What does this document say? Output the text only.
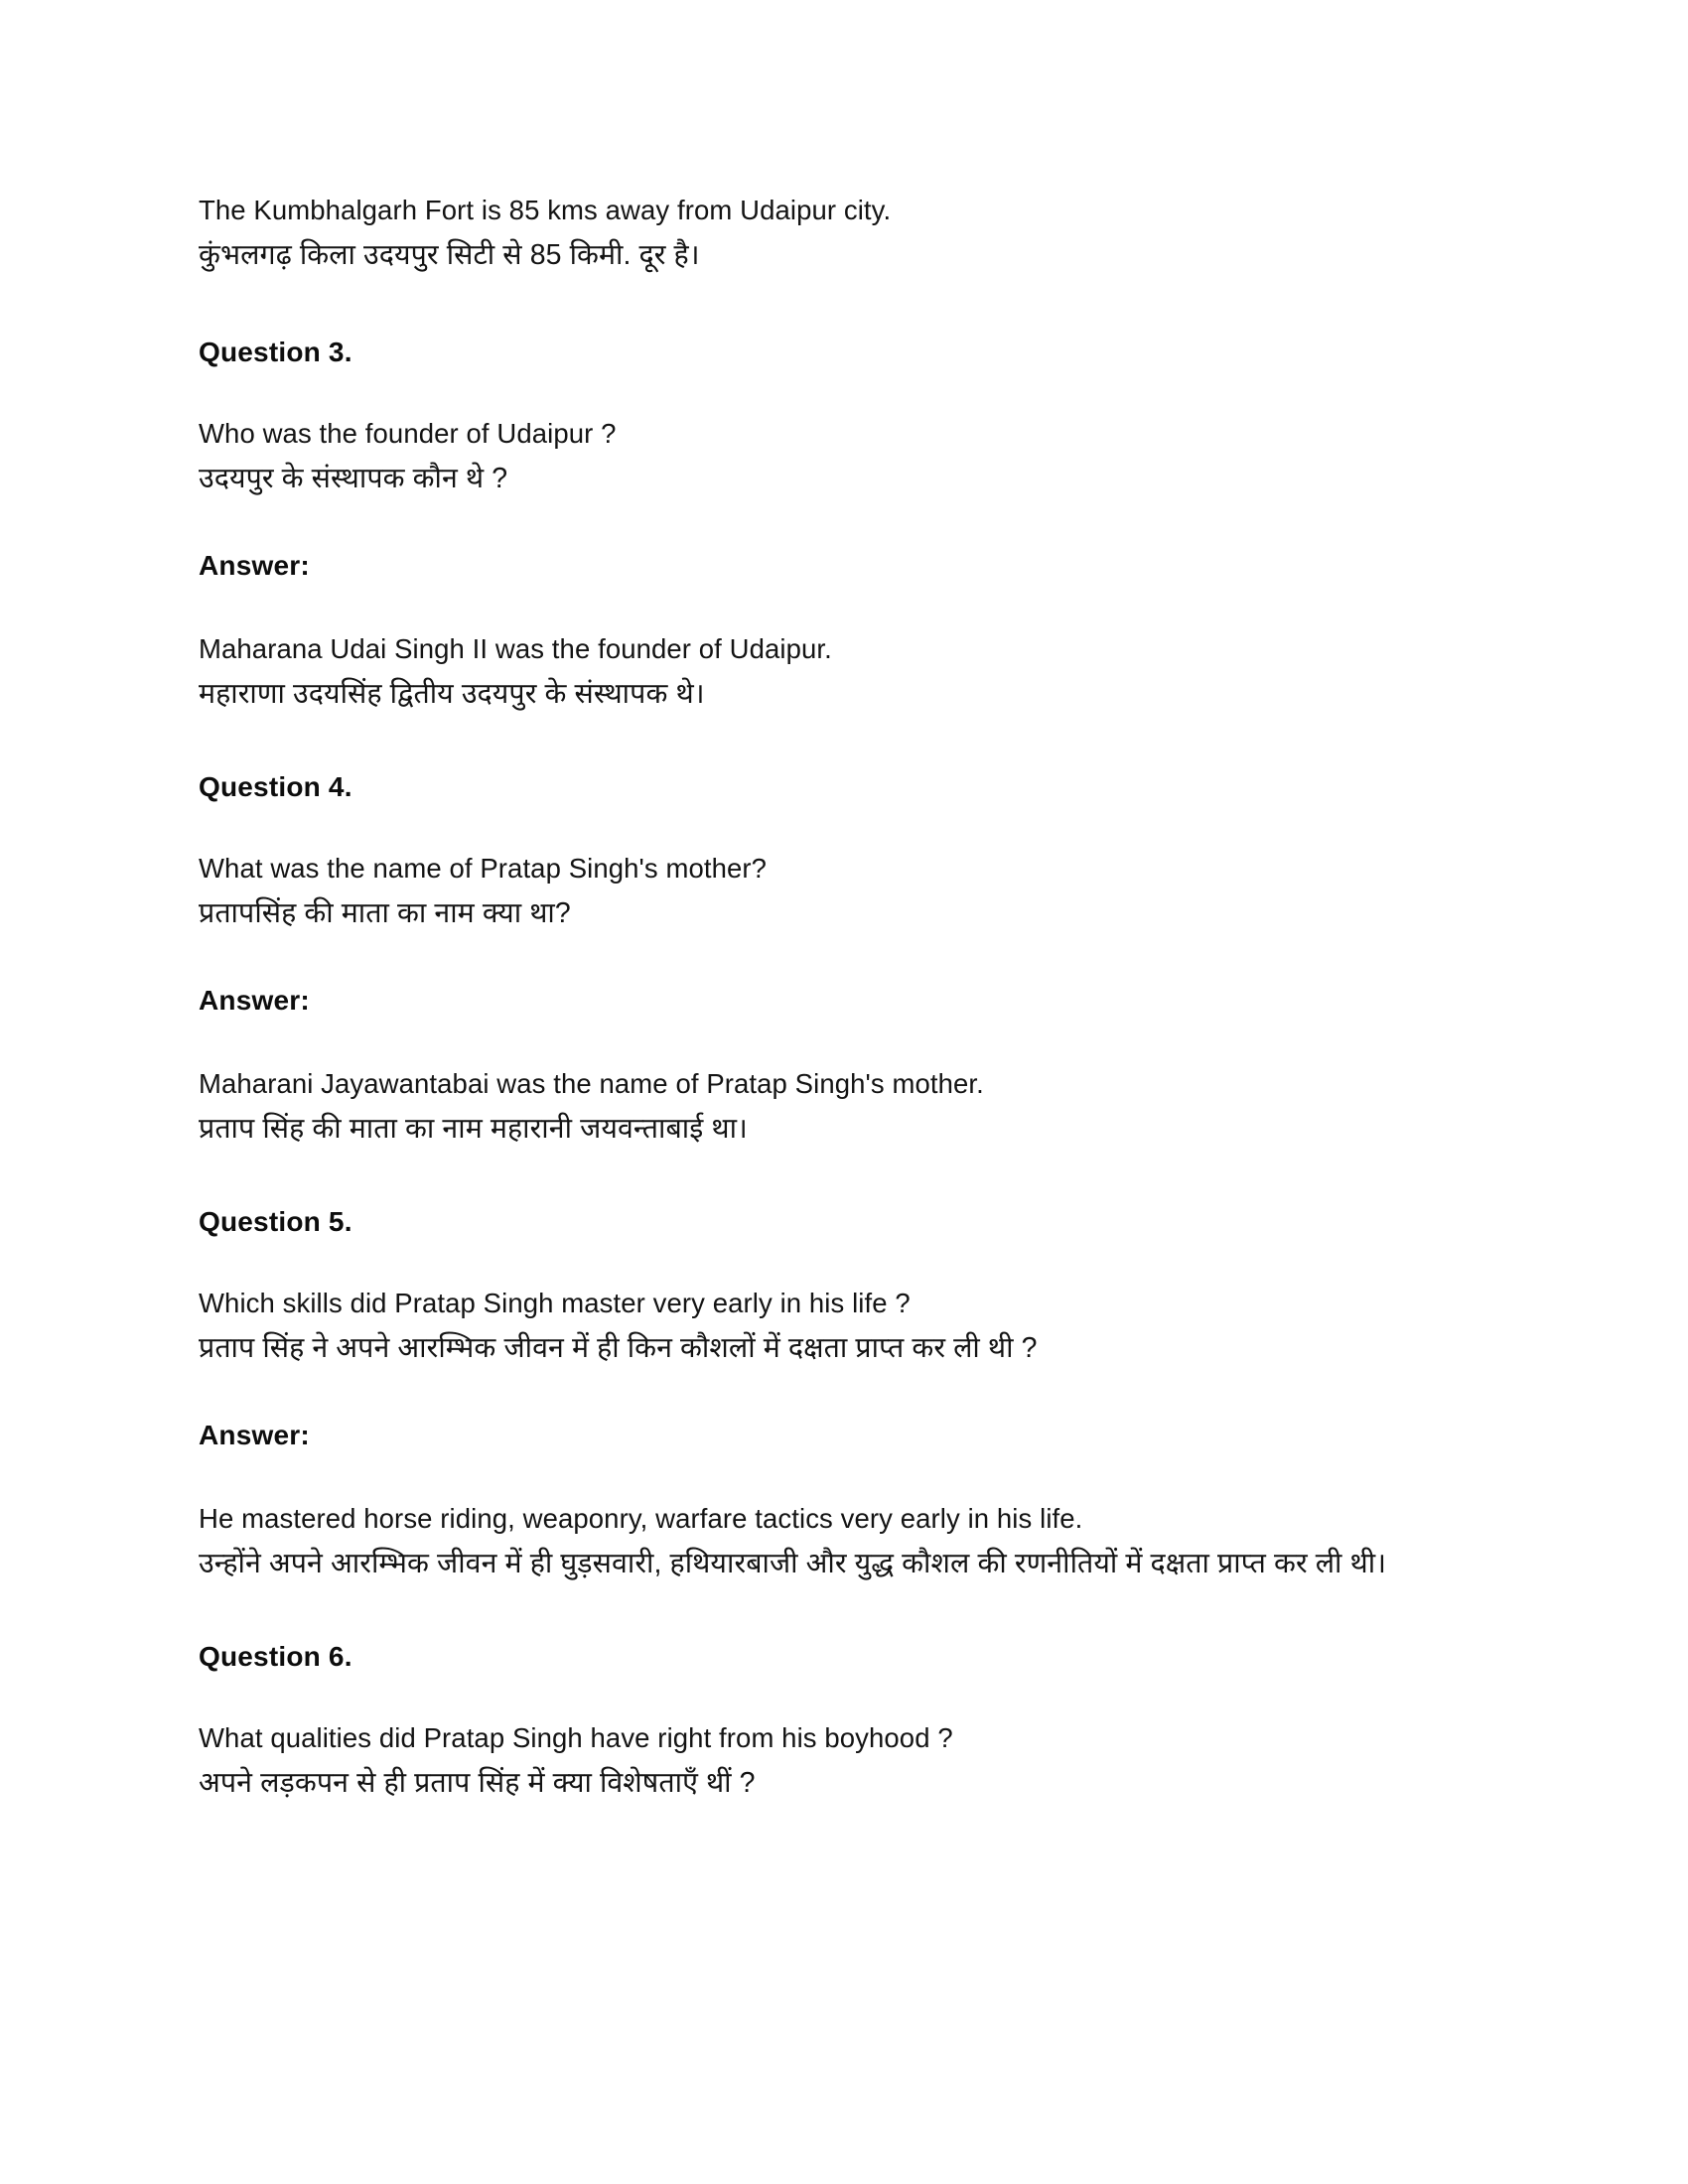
The Kumbhalgarh Fort is 85 kms away from Udaipur city.
कुंभलगढ़ किला उदयपुर सिटी से 85 किमी. दूर है।

Question 3.

Who was the founder of Udaipur ?
उदयपुर के संस्थापक कौन थे ?

Answer:

Maharana Udai Singh II was the founder of Udaipur.
महाराणा उदयसिंह द्वितीय उदयपुर के संस्थापक थे।

Question 4.

What was the name of Pratap Singh's mother?
प्रतापसिंह की माता का नाम क्या था?

Answer:

Maharani Jayawantabai was the name of Pratap Singh's mother.
प्रताप सिंह की माता का नाम महारानी जयवन्ताबाई था।

Question 5.

Which skills did Pratap Singh master very early in his life ?
प्रताप सिंह ने अपने आरम्भिक जीवन में ही किन कौशलों में दक्षता प्राप्त कर ली थी ?

Answer:

He mastered horse riding, weaponry, warfare tactics very early in his life.
उन्होंने अपने आरम्भिक जीवन में ही घुड़सवारी, हथियारबाजी और युद्ध कौशल की रणनीतियों में दक्षता प्राप्त कर ली थी।

Question 6.

What qualities did Pratap Singh have right from his boyhood ?
अपने लड़कपन से ही प्रताप सिंह में क्या विशेषताएँ थीं ?
